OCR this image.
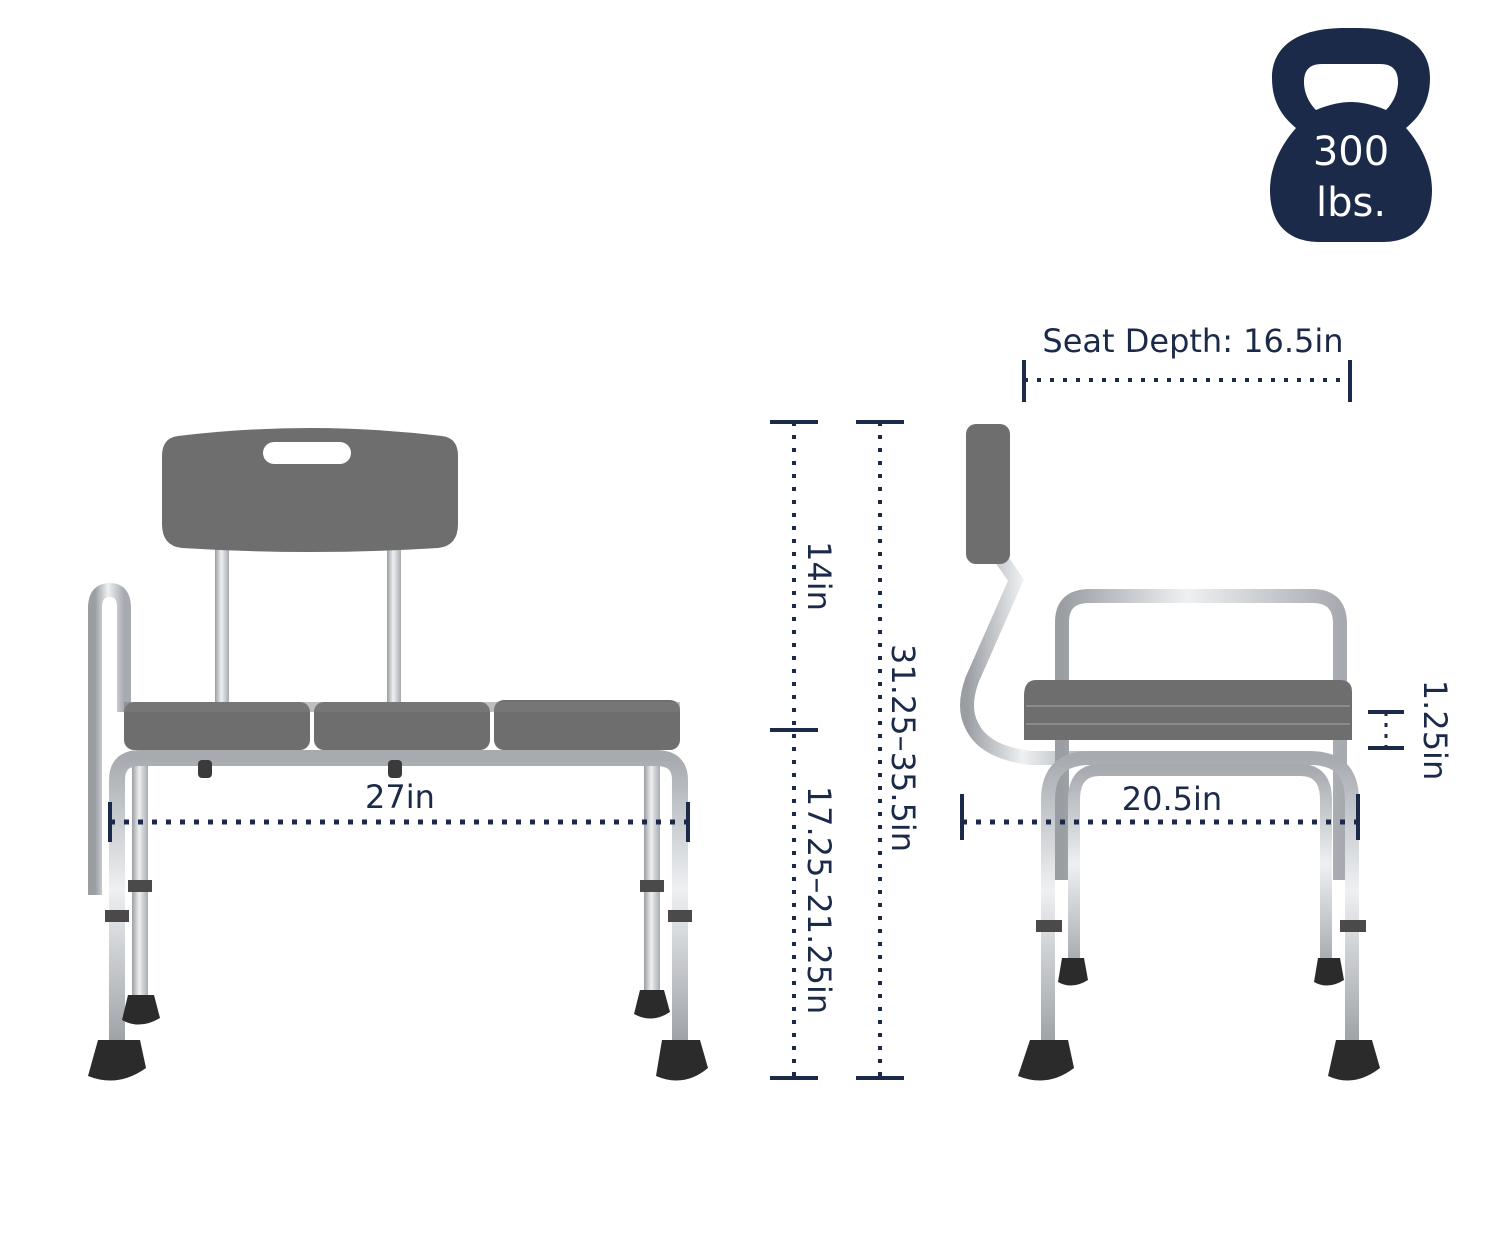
300
lbs.
27in
14in
17.25–21.25in
31.25–35.5in
Seat Depth: 16.5in
20.5in
1.25in
